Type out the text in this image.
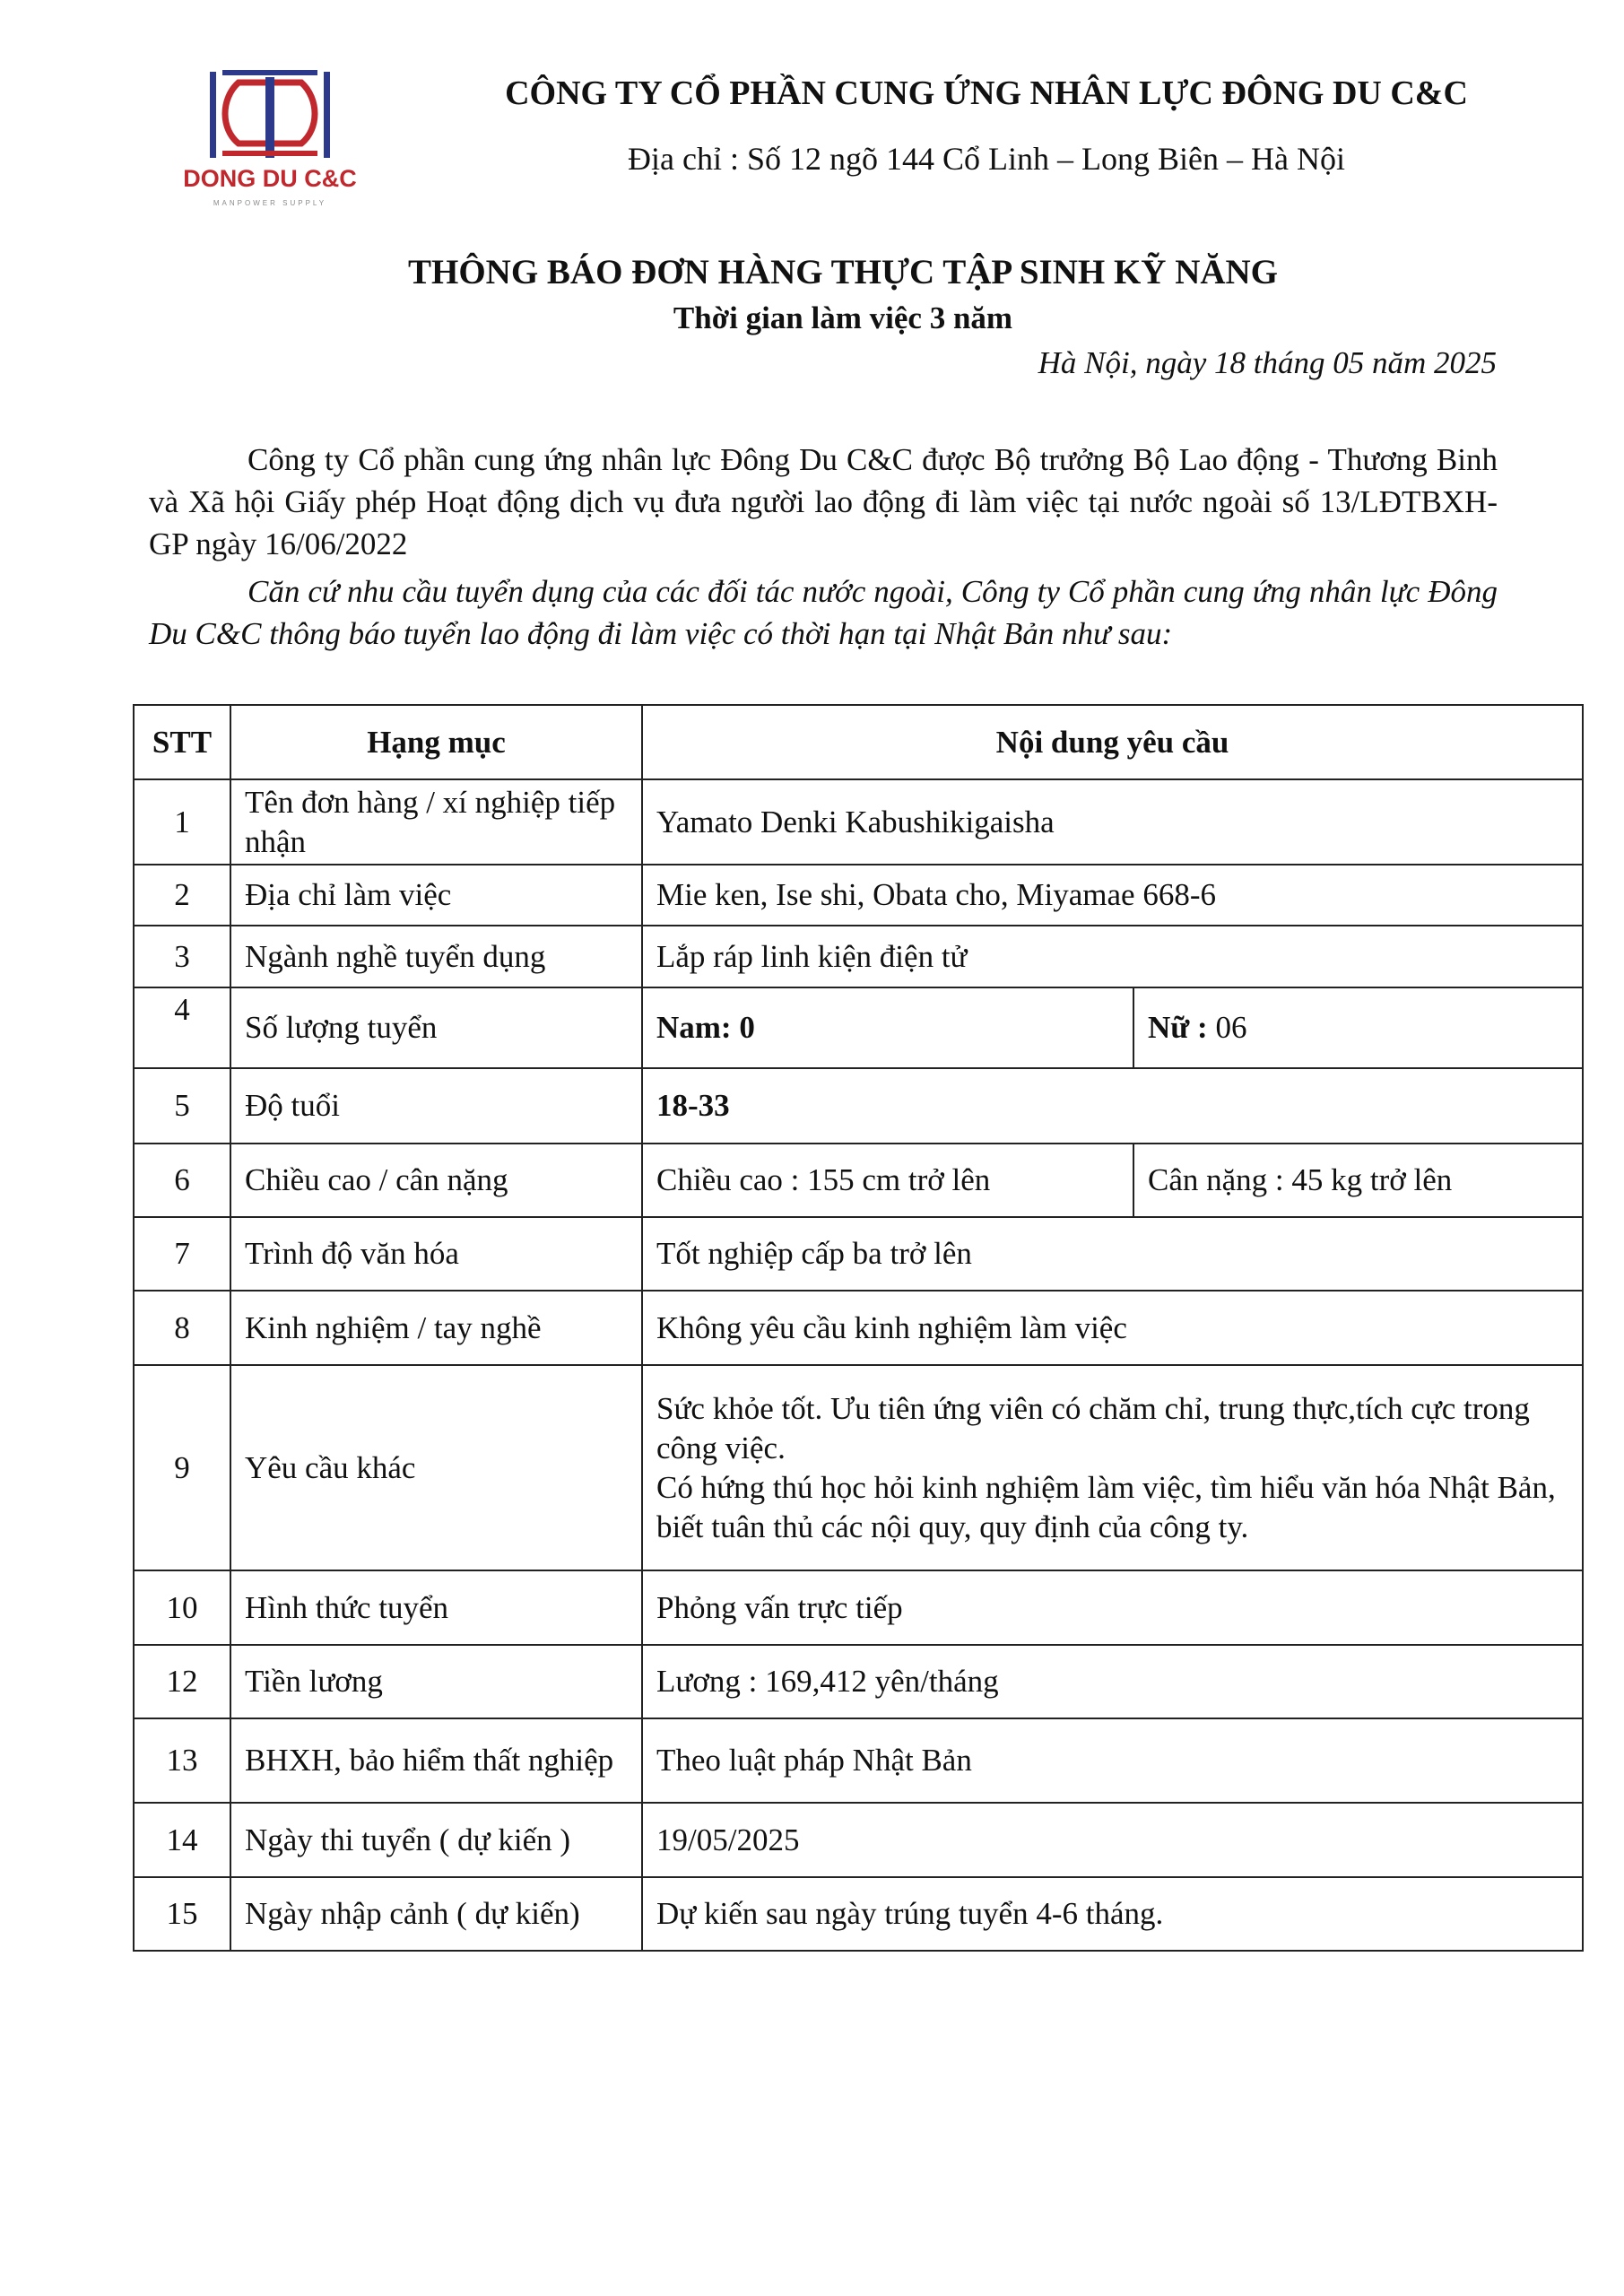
DONG DU C&C
MANPOWER SUPPLY
CÔNG TY CỔ PHẦN CUNG ỨNG NHÂN LỰC ĐÔNG DU C&C
Địa chỉ : Số 12 ngõ 144 Cổ Linh – Long Biên – Hà Nội
THÔNG BÁO ĐƠN HÀNG THỰC TẬP SINH KỸ NĂNG
Thời gian làm việc 3 năm
Hà Nội, ngày 18 tháng 05 năm 2025

Công ty Cổ phần cung ứng nhân lực Đông Du C&C được Bộ trưởng Bộ Lao động - Thương Binh và Xã hội Giấy phép Hoạt động dịch vụ đưa người lao động đi làm việc tại nước ngoài số 13/LĐTBXH-GP ngày 16/06/2022

Căn cứ nhu cầu tuyển dụng của các đối tác nước ngoài, Công ty Cổ phần cung ứng nhân lực Đông Du C&C thông báo tuyển lao động đi làm việc có thời hạn tại Nhật Bản như sau:

STT	Hạng mục	Nội dung yêu cầu	
1	Tên đơn hàng / xí nghiệp tiếp nhận	Yamato Denki Kabushikigaisha	
2	Địa chỉ làm việc	Mie ken, Ise shi, Obata cho, Miyamae 668-6	
3	Ngành nghề tuyển dụng	Lắp ráp linh kiện điện tử	
4	Số lượng tuyển	Nam: 0	Nữ : 06
5	Độ tuổi	18-33	
6	Chiều cao / cân nặng	Chiều cao : 155 cm trở lên	Cân nặng : 45 kg trở lên
7	Trình độ văn hóa	Tốt nghiệp cấp ba trở lên	
8	Kinh nghiệm / tay nghề	Không yêu cầu kinh nghiệm làm việc	
9	Yêu cầu khác	Sức khỏe tốt. Ưu tiên ứng viên có chăm chỉ, trung thực,tích cực trong công việc.
Có hứng thú học hỏi kinh nghiệm làm việc, tìm hiểu văn hóa Nhật Bản, biết tuân thủ các nội quy, quy định của công ty.	

10	Hình thức tuyển	Phỏng vấn trực tiếp	
12	Tiền lương	Lương : 169,412 yên/tháng	
13	BHXH, bảo hiểm thất nghiệp	Theo luật pháp Nhật Bản	
14	Ngày thi tuyển ( dự kiến )	19/05/2025	
15	Ngày nhập cảnh ( dự kiến)	Dự kiến sau ngày trúng tuyển 4-6 tháng.	
